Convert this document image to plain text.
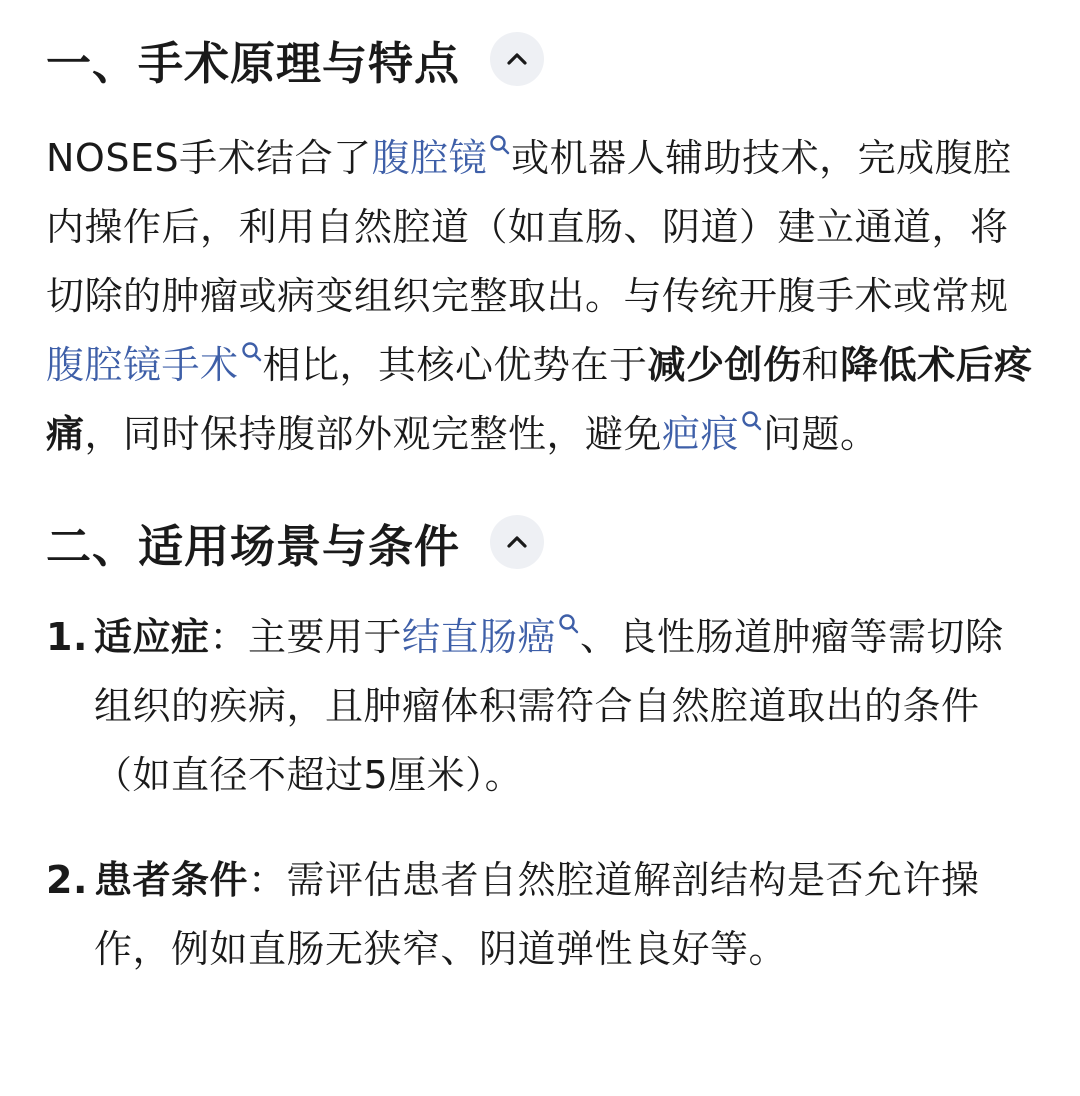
一、手术原理与特点

NOSES手术结合了腹腔镜 或机器人辅助技术，完成腹腔内操作后，利用自然腔道（如直肠、阴道）建立通道，将切除的肿瘤或病变组织完整取出。与传统开腹手术或常规腹腔镜手术 相比，其核心优势在于减少创伤和降低术后疼痛，同时保持腹部外观完整性，避免疤痕 问题。

二、适用场景与条件
1. 适应症：主要用于结直肠癌 、良性肠道肿瘤等需切除组织的疾病，且肿瘤体积需符合自然腔道取出的条件（如直径不超过5厘米）。
2. 患者条件：需评估患者自然腔道解剖结构是否允许操作，例如直肠无狭窄、阴道弹性良好等。
